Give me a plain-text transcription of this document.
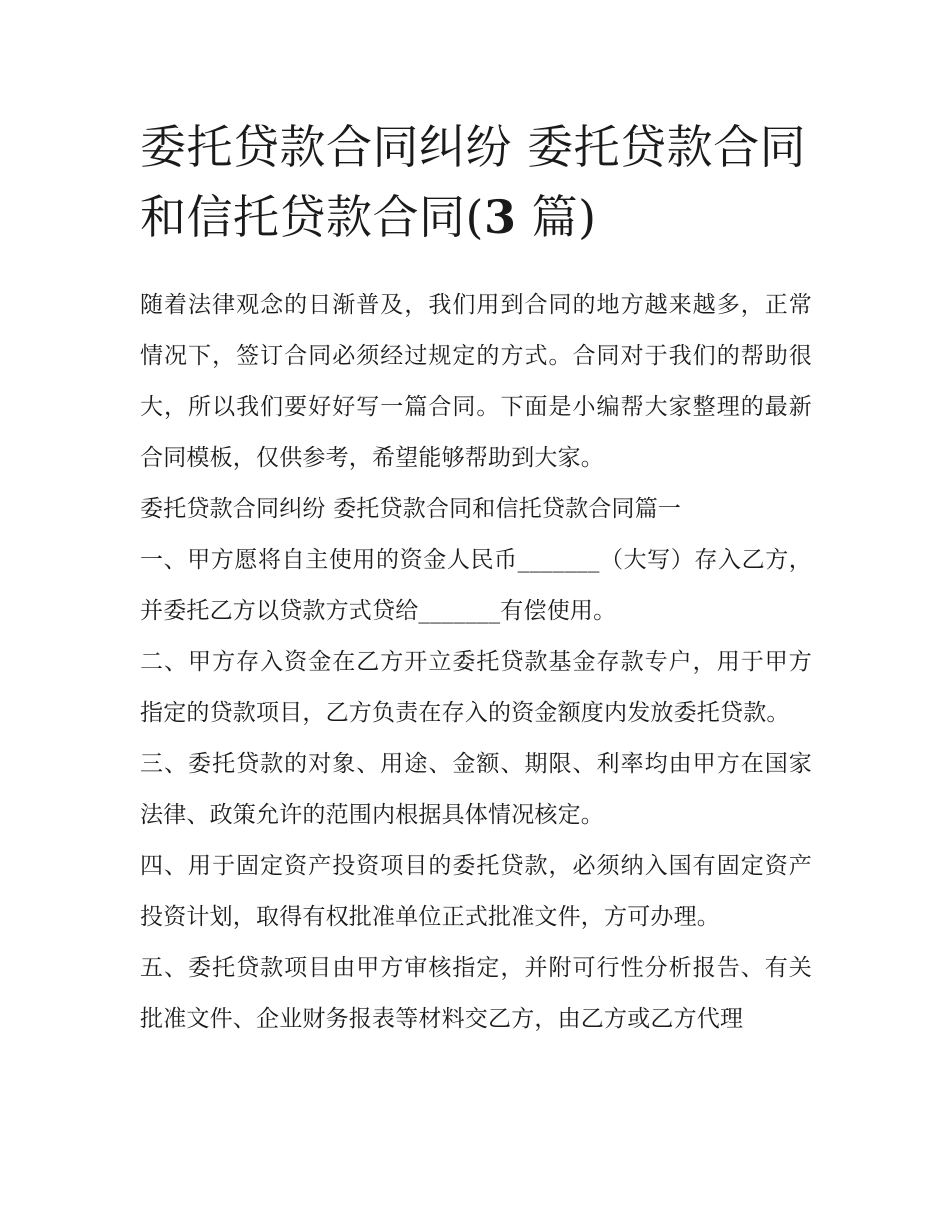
委托贷款合同纠纷 委托贷款合同和信托贷款合同(3 篇)

随着法律观念的日渐普及，我们用到合同的地方越来越多，正常情况下，签订合同必须经过规定的方式。合同对于我们的帮助很大，所以我们要好好写一篇合同。下面是小编帮大家整理的最新合同模板，仅供参考，希望能够帮助到大家。

委托贷款合同纠纷 委托贷款合同和信托贷款合同篇一

一、甲方愿将自主使用的资金人民币_______（大写）存入乙方，并委托乙方以贷款方式贷给_______有偿使用。

二、甲方存入资金在乙方开立委托贷款基金存款专户，用于甲方指定的贷款项目，乙方负责在存入的资金额度内发放委托贷款。

三、委托贷款的对象、用途、金额、期限、利率均由甲方在国家法律、政策允许的范围内根据具体情况核定。

四、用于固定资产投资项目的委托贷款，必须纳入国有固定资产投资计划，取得有权批准单位正式批准文件，方可办理。

五、委托贷款项目由甲方审核指定，并附可行性分析报告、有关批准文件、企业财务报表等材料交乙方，由乙方或乙方代理
